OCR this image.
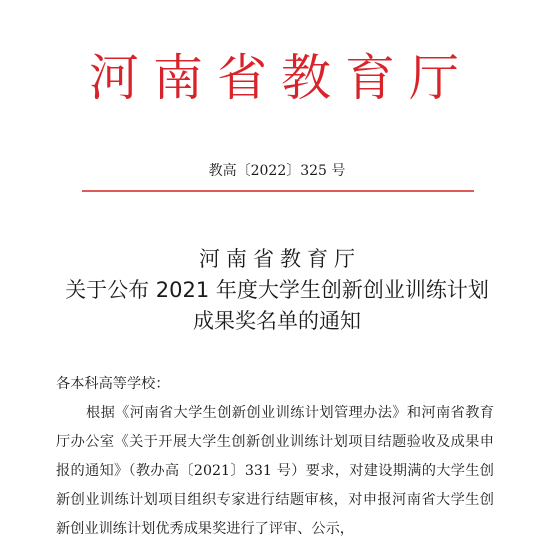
河南省教育厅
教高〔2022〕325 号
河南省教育厅
关于公布 2021 年度大学生创新创业训练计划
成果奖名单的通知

各本科高等学校：

根据《河南省大学生创新创业训练计划管理办法》和河南省教育厅办公室《关于开展大学生创新创业训练计划项目结题验收及成果申报的通知》（教办高〔2021〕331 号）要求，对建设期满的大学生创新创业训练计划项目组织专家进行结题审核，对申报河南省大学生创新创业训练计划优秀成果奖进行了评审、公示，
